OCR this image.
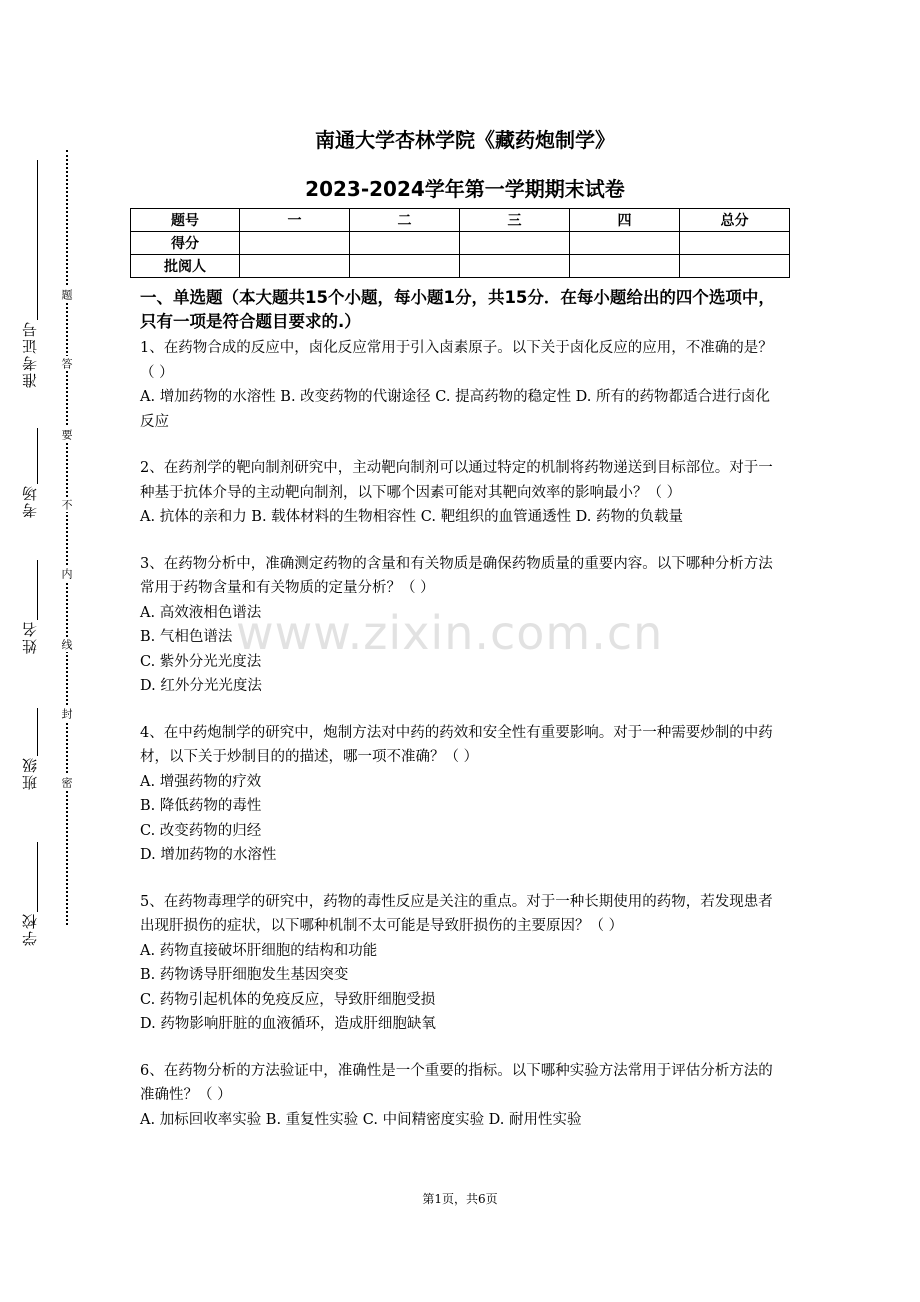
题
答
要
不
内
线
封
密
准考证号
考场
姓名
班级
学校
南通大学杏林学院《藏药炮制学》
2023-2024学年第一学期期末试卷
题号	一	二	三	四	总分
得分					
批阅人					
一、单选题（本大题共15个小题，每小题1分，共15分．在每小题给出的四个选项中，只有一项是符合题目要求的.）
1、在药物合成的反应中，卤化反应常用于引入卤素原子。以下关于卤化反应的应用，不准确的是？（ ）
A. 增加药物的水溶性 B. 改变药物的代谢途径 C. 提高药物的稳定性 D. 所有的药物都适合进行卤化反应
2、在药剂学的靶向制剂研究中，主动靶向制剂可以通过特定的机制将药物递送到目标部位。对于一种基于抗体介导的主动靶向制剂，以下哪个因素可能对其靶向效率的影响最小？（ ）
A. 抗体的亲和力 B. 载体材料的生物相容性 C. 靶组织的血管通透性 D. 药物的负载量
3、在药物分析中，准确测定药物的含量和有关物质是确保药物质量的重要内容。以下哪种分析方法常用于药物含量和有关物质的定量分析？（ ）
A. 高效液相色谱法
B. 气相色谱法
C. 紫外分光光度法
D. 红外分光光度法
4、在中药炮制学的研究中，炮制方法对中药的药效和安全性有重要影响。对于一种需要炒制的中药材，以下关于炒制目的的描述，哪一项不准确？（ ）
A. 增强药物的疗效
B. 降低药物的毒性
C. 改变药物的归经
D. 增加药物的水溶性
5、在药物毒理学的研究中，药物的毒性反应是关注的重点。对于一种长期使用的药物，若发现患者出现肝损伤的症状，以下哪种机制不太可能是导致肝损伤的主要原因？（ ）
A. 药物直接破坏肝细胞的结构和功能
B. 药物诱导肝细胞发生基因突变
C. 药物引起机体的免疫反应，导致肝细胞受损
D. 药物影响肝脏的血液循环，造成肝细胞缺氧
6、在药物分析的方法验证中，准确性是一个重要的指标。以下哪种实验方法常用于评估分析方法的准确性？（ ）
A. 加标回收率实验 B. 重复性实验 C. 中间精密度实验 D. 耐用性实验
www.zixin.com.cn
第1页，共6页
